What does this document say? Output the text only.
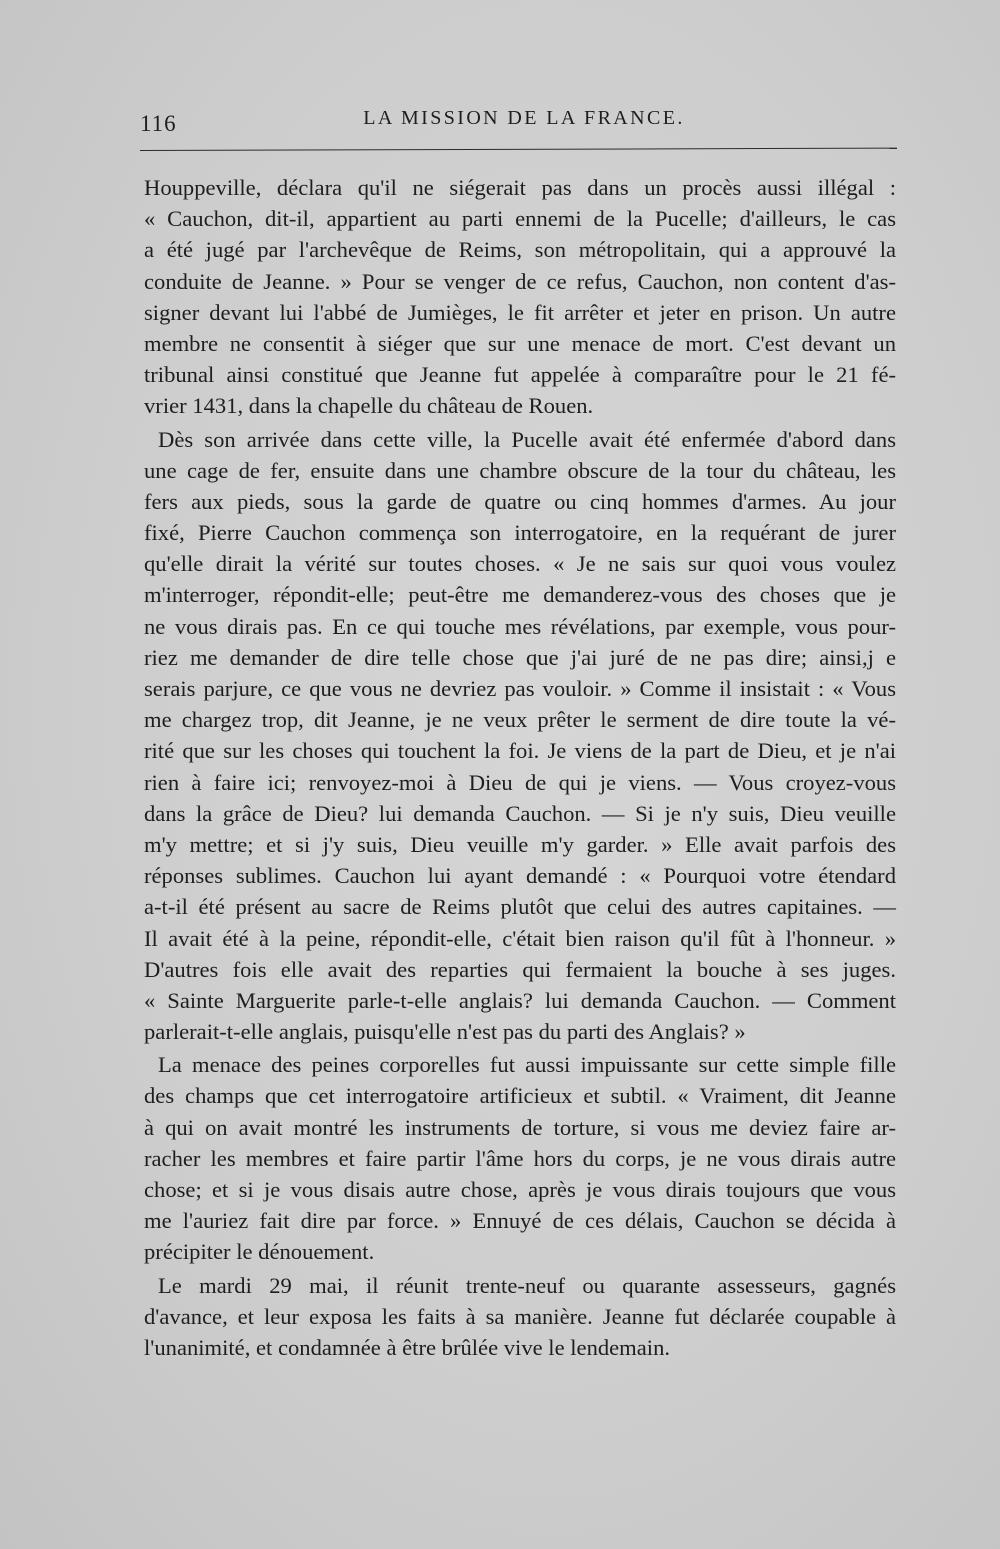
116	LA MISSION DE LA FRANCE.
Houppeville, déclara qu'il ne siégerait pas dans un procès aussi illégal :
« Cauchon, dit-il, appartient au parti ennemi de la Pucelle; d'ailleurs, le cas
a été jugé par l'archevêque de Reims, son métropolitain, qui a approuvé la
conduite de Jeanne. » Pour se venger de ce refus, Cauchon, non content d'as-
signer devant lui l'abbé de Jumièges, le fit arrêter et jeter en prison. Un autre
membre ne consentit à siéger que sur une menace de mort. C'est devant un
tribunal ainsi constitué que Jeanne fut appelée à comparaître pour le 21 fé-
vrier 1431, dans la chapelle du château de Rouen.
Dès son arrivée dans cette ville, la Pucelle avait été enfermée d'abord dans
une cage de fer, ensuite dans une chambre obscure de la tour du château, les
fers aux pieds, sous la garde de quatre ou cinq hommes d'armes. Au jour
fixé, Pierre Cauchon commença son interrogatoire, en la requérant de jurer
qu'elle dirait la vérité sur toutes choses. « Je ne sais sur quoi vous voulez
m'interroger, répondit-elle; peut-être me demanderez-vous des choses que je
ne vous dirais pas. En ce qui touche mes révélations, par exemple, vous pour-
riez me demander de dire telle chose que j'ai juré de ne pas dire; ainsi,j e
serais parjure, ce que vous ne devriez pas vouloir. » Comme il insistait : « Vous
me chargez trop, dit Jeanne, je ne veux prêter le serment de dire toute la vé-
rité que sur les choses qui touchent la foi. Je viens de la part de Dieu, et je n'ai
rien à faire ici; renvoyez-moi à Dieu de qui je viens. — Vous croyez-vous
dans la grâce de Dieu? lui demanda Cauchon. — Si je n'y suis, Dieu veuille
m'y mettre; et si j'y suis, Dieu veuille m'y garder. » Elle avait parfois des
réponses sublimes. Cauchon lui ayant demandé : « Pourquoi votre étendard
a-t-il été présent au sacre de Reims plutôt que celui des autres capitaines. —
Il avait été à la peine, répondit-elle, c'était bien raison qu'il fût à l'honneur. »
D'autres fois elle avait des reparties qui fermaient la bouche à ses juges.
« Sainte Marguerite parle-t-elle anglais? lui demanda Cauchon. — Comment
parlerait-t-elle anglais, puisqu'elle n'est pas du parti des Anglais? »
La menace des peines corporelles fut aussi impuissante sur cette simple fille
des champs que cet interrogatoire artificieux et subtil. « Vraiment, dit Jeanne
à qui on avait montré les instruments de torture, si vous me deviez faire ar-
racher les membres et faire partir l'âme hors du corps, je ne vous dirais autre
chose; et si je vous disais autre chose, après je vous dirais toujours que vous
me l'auriez fait dire par force. » Ennuyé de ces délais, Cauchon se décida à
précipiter le dénouement.
Le mardi 29 mai, il réunit trente-neuf ou quarante assesseurs, gagnés
d'avance, et leur exposa les faits à sa manière. Jeanne fut déclarée coupable à
l'unanimité, et condamnée à être brûlée vive le lendemain.
